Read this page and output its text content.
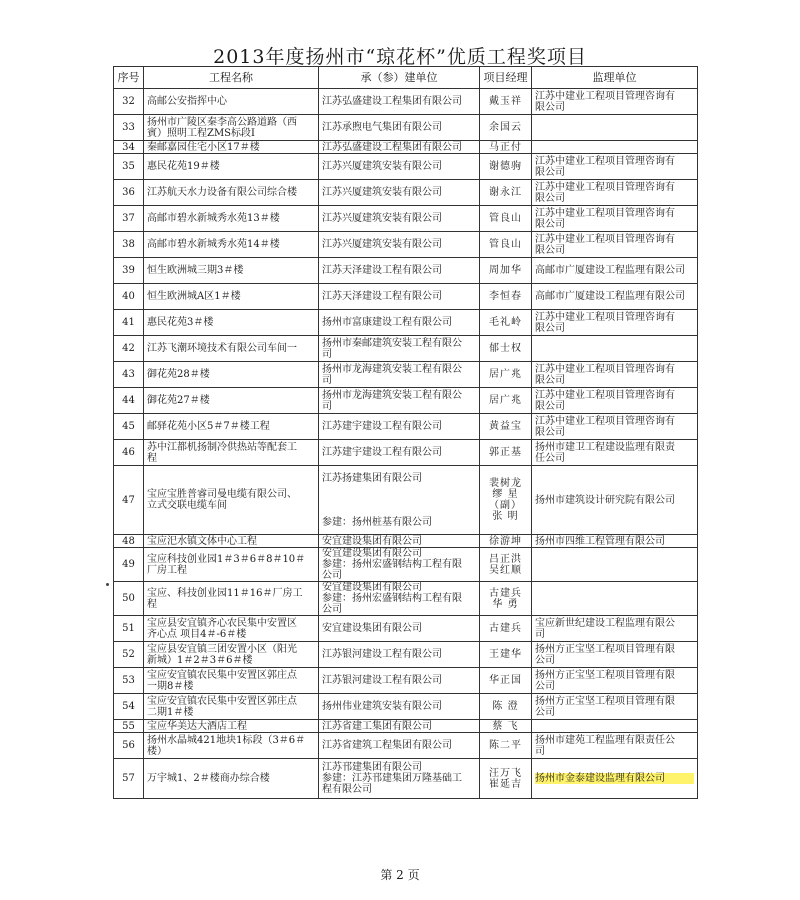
2013年度扬州市“琼花杯”优质工程奖项目
序号	工程名称	承（参）建单位	项目经理	监理单位
32	高邮公安指挥中心	江苏弘盛建设工程集团有限公司	戴玉祥	江苏中建业工程项目管理咨询有
限公司

33	扬州市广陵区秦李高公路道路（西
賓）照明工程ZMS标段Ⅰ	江苏承煦电气集团有限公司	余国云	

34	秦邮嘉园住宅小区17＃楼	江苏弘盛建设工程集团有限公司	马正付	

35	惠民花苑19＃楼	江苏兴厦建筑安装有限公司	谢德驹	江苏中建业工程项目管理咨询有
限公司

36	江苏航天水力设备有限公司综合楼	江苏兴厦建筑安装有限公司	谢永江	江苏中建业工程项目管理咨询有
限公司

37	高邮市碧水新城秀水苑13＃楼	江苏兴厦建筑安装有限公司	管良山	江苏中建业工程项目管理咨询有
限公司

38	高邮市碧水新城秀水苑14＃楼	江苏兴厦建筑安装有限公司	管良山	江苏中建业工程项目管理咨询有
限公司

39	恒生欧洲城三期3＃楼	江苏天泽建设工程有限公司	周加华	高邮市广厦建设工程监理有限公司

40	恒生欧洲城A区1＃楼	江苏天泽建设工程有限公司	李恒春	高邮市广厦建设工程监理有限公司

41	惠民花苑3＃楼	扬州市富康建设工程有限公司	毛礼岭	江苏中建业工程项目管理咨询有
限公司

42	江苏飞潮环境技术有限公司车间一	扬州市秦邮建筑安装工程有限公
司	郁士权	

43	御花苑28＃楼	扬州市龙海建筑安装工程有限公
司	居广兆	江苏中建业工程项目管理咨询有
限公司

44	御花苑27＃楼	扬州市龙海建筑安装工程有限公
司	居广兆	江苏中建业工程项目管理咨询有
限公司

45	邮驿花苑小区5＃7＃楼工程	江苏建宇建设工程有限公司	黄益宝	江苏中建业工程项目管理咨询有
限公司

46	苏中江都机扬制冷供热站等配套工
程	江苏建宇建设工程有限公司	郭正基	扬州市建卫工程建设监理有限责
任公司

47	宝应宝胜普睿司曼电缆有限公司、
立式交联电缆车间	江苏扬建集团有限公司

参建：扬州桩基有限公司	裴树龙
缪 星
（副）
张 明	扬州市建筑设计研究院有限公司

48	宝应汜水镇文体中心工程	安宜建设集团有限公司	徐游坤	扬州市四维工程管理有限公司

49	宝应科技创业园1＃3＃6＃8＃10＃
厂房工程	安宜建设集团有限公司
参建：扬州宏盛钢结构工程有限
公司	吕正洪
吴红顺	

50	宝应、科技创业园11＃16＃厂房工
程	安宜建设集团有限公司
参建：扬州宏盛钢结构工程有限
公司	古建兵
华 勇	

51	宝应县安宜镇齐心农民集中安置区
齐心点 项目4＃-6＃楼	安宜建设集团有限公司	古建兵	宝应新世纪建设工程监理有限公
司

52	宝应县安宜镇三团安置小区（阳光
新城）1＃2＃3＃6＃楼	江苏银河建设工程有限公司	王建华	扬州方正宝坚工程项目管理有限
公司

53	宝应安宜镇农民集中安置区郭庄点
一期8＃楼	江苏银河建设工程有限公司	华正国	扬州方正宝坚工程项目管理有限
公司

54	宝应安宜镇农民集中安置区郭庄点
二期1＃楼	扬州伟业建筑安装有限公司	陈 澄	扬州方正宝坚工程项目管理有限
公司

55	宝应华美达大酒店工程	江苏省建工集团有限公司	蔡 飞	

56	扬州水晶城421地块1标段（3＃6＃
楼）	江苏省建筑工程集团有限公司	陈二平	扬州市建苑工程监理有限责任公
司

57	万宇城1、2＃楼商办综合楼	江苏邗建集团有限公司
参建：江苏邗建集团万隆基础工
程有限公司	汪万飞
崔延吉	扬州市金泰建设监理有限公司
第 2 页
